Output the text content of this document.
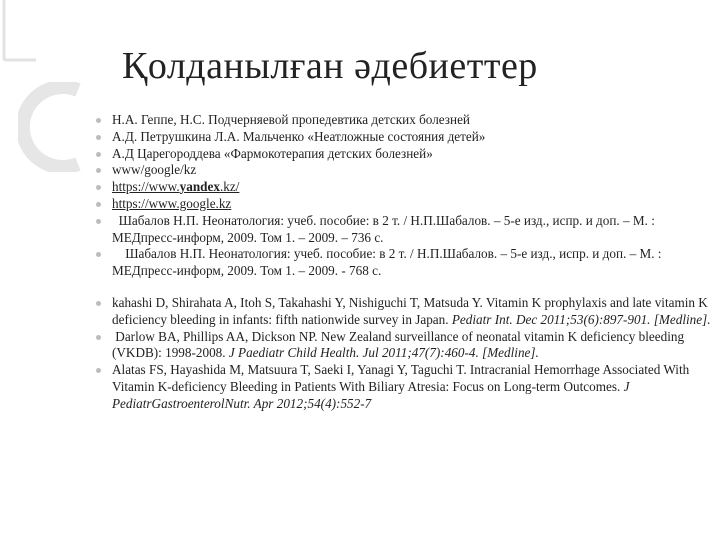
Қолданылған әдебиеттер
Н.А. Геппе, Н.С. Подчерняевой пропедевтика детских болезней
А.Д. Петрушкина Л.А. Мальченко «Неатложные состояния детей»
А.Д Царегороддева «Фармокотерапия детских болезней»
www/google/kz
https://www.yandex.kz/
https://www.google.kz
Шабалов Н.П. Неонатология: учеб. пособие: в 2 т. / Н.П.Шабалов. – 5-е изд., испр. и доп. – М. : МЕДпресс-информ, 2009. Том 1. – 2009. – 736 с.
Шабалов Н.П. Неонатология: учеб. пособие: в 2 т. / Н.П.Шабалов. – 5-е изд., испр. и доп. – М. : МЕДпресс-информ, 2009. Том 1. – 2009. - 768 с.
kahashi D, Shirahata A, Itoh S, Takahashi Y, Nishiguchi T, Matsuda Y. Vitamin K prophylaxis and late vitamin K deficiency bleeding in infants: fifth nationwide survey in Japan. Pediatr Int. Dec 2011;53(6):897-901. [Medline].
Darlow BA, Phillips AA, Dickson NP. New Zealand surveillance of neonatal vitamin K deficiency bleeding (VKDB): 1998-2008. J Paediatr Child Health. Jul 2011;47(7):460-4. [Medline].
Alatas FS, Hayashida M, Matsuura T, Saeki I, Yanagi Y, Taguchi T. Intracranial Hemorrhage Associated With Vitamin K-deficiency Bleeding in Patients With Biliary Atresia: Focus on Long-term Outcomes. J PediatrGastroenterolNutr. Apr 2012;54(4):552-7
